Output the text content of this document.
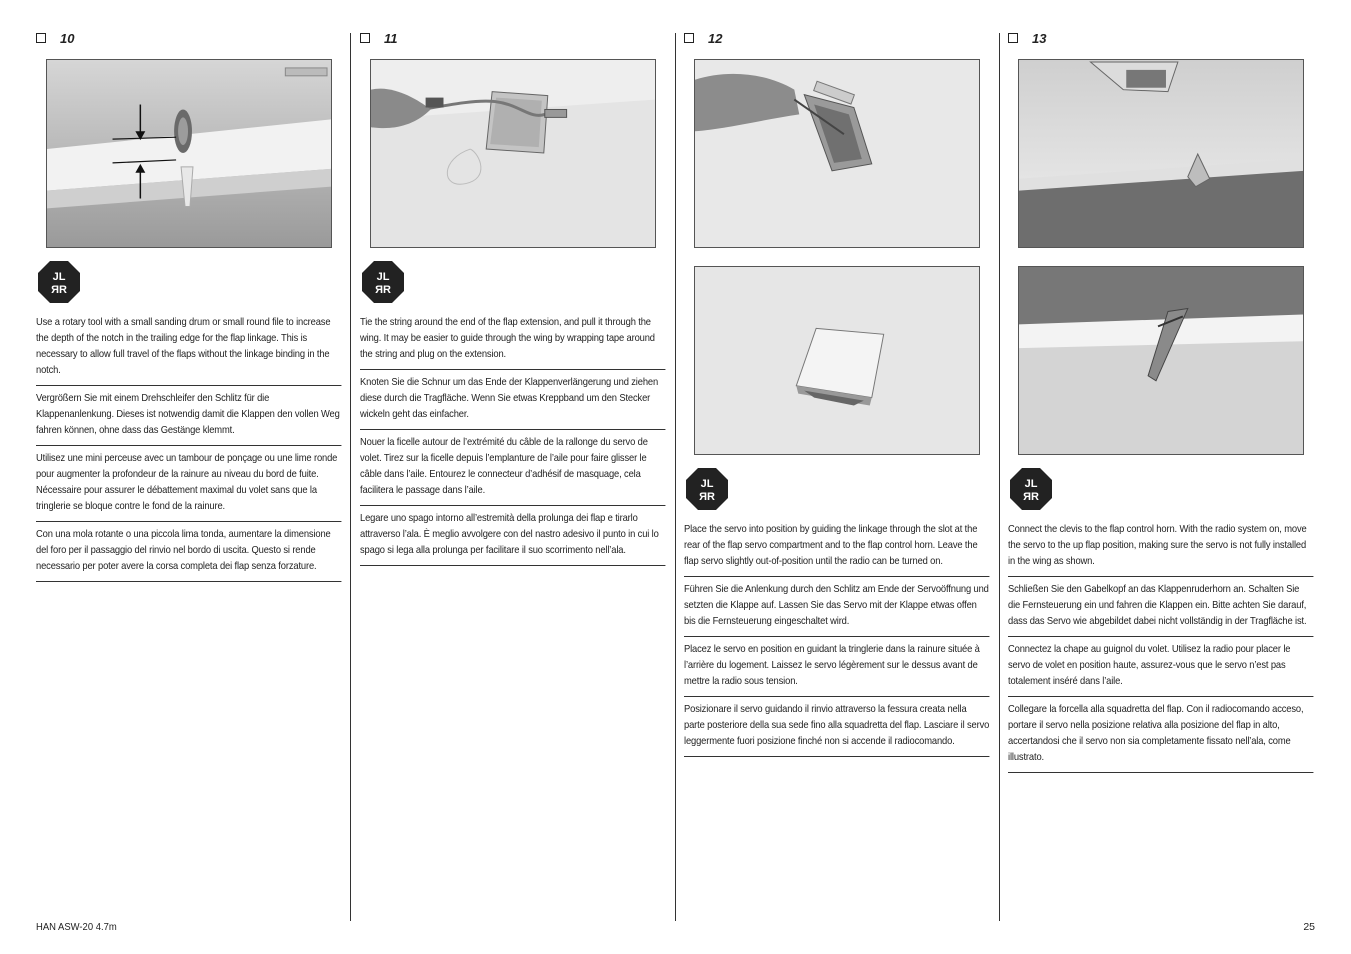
10
JL
ЯR
Use a rotary tool with a small sanding drum or small round file to increase the depth of the notch in the trailing edge for the flap linkage. This is necessary to allow full travel of the flaps without the linkage binding in the notch.
Vergrößern Sie mit einem Drehschleifer den Schlitz für die Klappenanlenkung. Dieses ist notwendig damit die Klappen den vollen Weg fahren können, ohne dass das Gestänge klemmt.
Utilisez une mini perceuse avec un tambour de ponçage ou une lime ronde pour augmenter la profondeur de la rainure au niveau du bord de fuite. Nécessaire pour assurer le débattement maximal du volet sans que la tringlerie se bloque contre le fond de la rainure.
Con una mola rotante o una piccola lima tonda, aumentare la dimensione del foro per il passaggio del rinvio nel bordo di uscita. Questo si rende necessario per poter avere la corsa completa dei flap senza forzature.
11
JL
ЯR
Tie the string around the end of the flap extension, and pull it through the wing. It may be easier to guide through the wing by wrapping tape around the string and plug on the extension.
Knoten Sie die Schnur um das Ende der Klappenverlängerung und ziehen diese durch die Tragfläche. Wenn Sie etwas Kreppband um den Stecker wickeln geht das einfacher.
Nouer la ficelle autour de l’extrémité du câble de la rallonge du servo de volet. Tirez sur la ficelle depuis l’emplanture de l’aile pour faire glisser le câble dans l’aile. Entourez le connecteur d’adhésif de masquage, cela facilitera le passage dans l’aile.
Legare uno spago intorno all’estremità della prolunga dei flap e tirarlo attraverso l’ala. È meglio avvolgere con del nastro adesivo il punto in cui lo spago si lega alla prolunga per facilitare il suo scorrimento nell’ala.
12
JL
ЯR
Place the servo into position by guiding the linkage through the slot at the rear of the flap servo compartment and to the flap control horn. Leave the flap servo slightly out-of-position until the radio can be turned on.
Führen Sie die Anlenkung durch den Schlitz am Ende der Servoöffnung und setzten die Klappe auf. Lassen Sie das Servo mit der Klappe etwas offen bis die Fernsteuerung eingeschaltet wird.
Placez le servo en position en guidant la tringlerie dans la rainure située à l’arrière du logement. Laissez le servo légèrement sur le dessus avant de mettre la radio sous tension.
Posizionare il servo guidando il rinvio attraverso la fessura creata nella parte posteriore della sua sede fino alla squadretta del flap. Lasciare il servo leggermente fuori posizione finché non si accende il radiocomando.
13
JL
ЯR
Connect the clevis to the flap control horn. With the radio system on, move the servo to the up flap position, making sure the servo is not fully installed in the wing as shown.
Schließen Sie den Gabelkopf an das Klappenruderhorn an. Schalten Sie die Fernsteuerung ein und fahren die Klappen ein. Bitte achten Sie darauf, dass das Servo wie abgebildet dabei nicht vollständig in der Tragfläche ist.
Connectez la chape au guignol du volet. Utilisez la radio pour placer le servo de volet en position haute, assurez-vous que le servo n’est pas totalement inséré dans l’aile.
Collegare la forcella alla squadretta del flap. Con il radiocomando acceso, portare il servo nella posizione relativa alla posizione del flap in alto, accertandosi che il servo non sia completamente fissato nell’ala, come illustrato.
HAN ASW-20 4.7m	25
